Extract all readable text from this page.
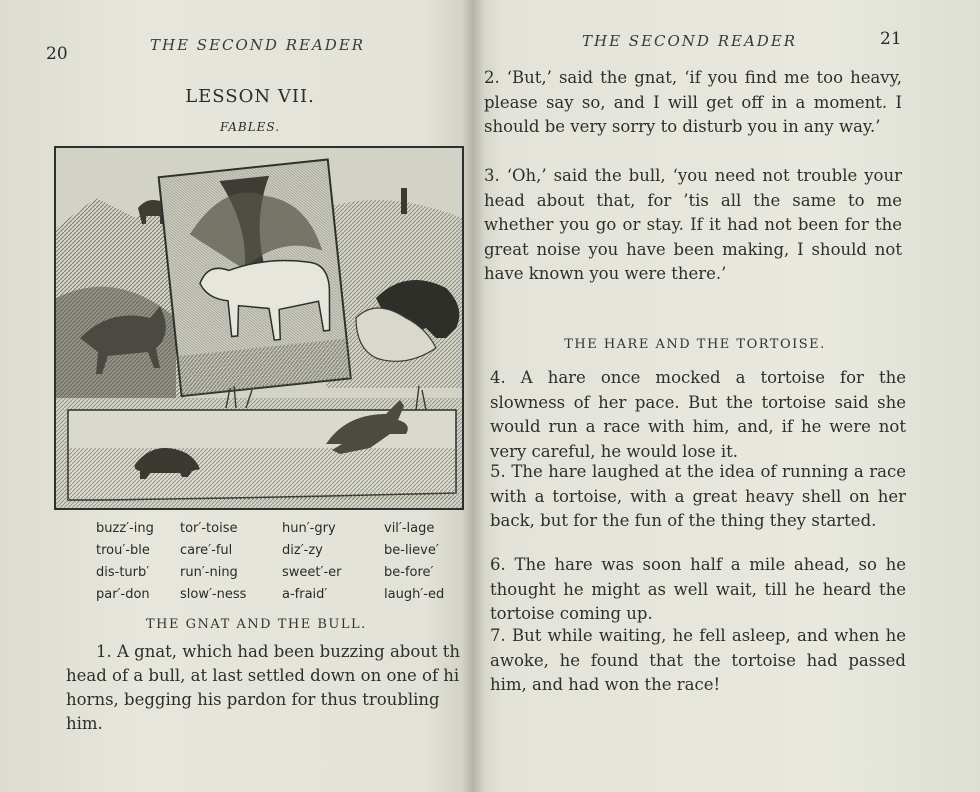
20	THE SECOND READER
LESSON VII.
FABLES.
buzz′-ing
trou′-ble
dis-turb′
par′-don
tor′-toise
care′-ful
run′-ning
slow′-ness
hun′-gry
diz′-zy
sweet′-er
a-fraid′
vil′-lage
be-lieve′
be-fore′
laugh′-ed
THE GNAT AND THE BULL.
1. A gnat, which had been buzzing about th
head of a bull, at last settled down on one of hi
horns, begging his pardon for thus troubling
him.
THE SECOND READER	21
2. ‘But,’ said the gnat, ‘if you find me too heavy, please say so, and I will get off in a moment. I should be very sorry to disturb you in any way.’
3. ‘Oh,’ said the bull, ‘you need not trouble your head about that, for ’tis all the same to me whether you go or stay. If it had not been for the great noise you have been making, I should not have known you were there.’
THE HARE AND THE TORTOISE.
4. A hare once mocked a tortoise for the slowness of her pace. But the tortoise said she would run a race with him, and, if he were not very careful, he would lose it.
5. The hare laughed at the idea of running a race with a tortoise, with a great heavy shell on her back, but for the fun of the thing they started.
6. The hare was soon half a mile ahead, so he thought he might as well wait, till he heard the tortoise coming up.
7. But while waiting, he fell asleep, and when he awoke, he found that the tortoise had passed him, and had won the race!
